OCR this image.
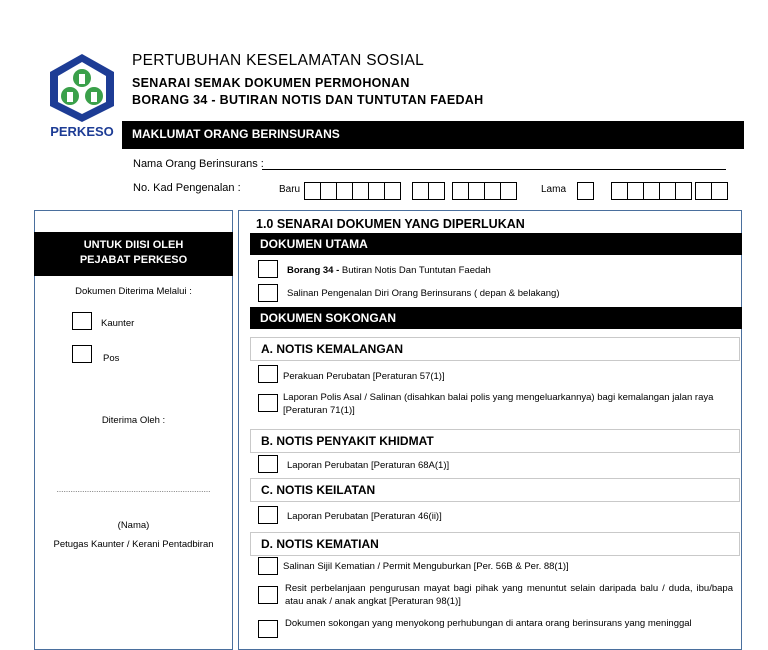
PERKESO
PERTUBUHAN KESELAMATAN SOSIAL
SENARAI SEMAK DOKUMEN PERMOHONAN
BORANG 34 - BUTIRAN NOTIS DAN TUNTUTAN FAEDAH
MAKLUMAT ORANG BERINSURANS
Nama Orang Berinsurans :
No. Kad Pengenalan :	Baru	Lama
UNTUK DIISI OLEH
PEJABAT PERKESO
Dokumen Diterima Melalui :
Kaunter
Pos
Diterima Oleh :
…………………………………………………………
(Nama)
Petugas Kaunter / Kerani Pentadbiran
1.0 SENARAI DOKUMEN YANG DIPERLUKAN
DOKUMEN UTAMA
Borang 34 - Butiran Notis Dan Tuntutan Faedah
Salinan Pengenalan Diri Orang Berinsurans ( depan & belakang)
DOKUMEN SOKONGAN
A. NOTIS KEMALANGAN
Perakuan Perubatan [Peraturan 57(1)]
Laporan Polis Asal / Salinan (disahkan balai polis yang mengeluarkannya) bagi kemalangan jalan raya [Peraturan 71(1)]
B. NOTIS PENYAKIT KHIDMAT
Laporan Perubatan [Peraturan 68A(1)]
C. NOTIS KEILATAN
Laporan Perubatan [Peraturan 46(ii)]
D. NOTIS KEMATIAN
Salinan Sijil Kematian / Permit Menguburkan [Per. 56B & Per. 88(1)]
Resit perbelanjaan pengurusan mayat bagi pihak yang menuntut selain daripada balu / duda, ibu/bapa atau anak / anak angkat [Peraturan 98(1)]
Dokumen sokongan yang menyokong perhubungan di antara orang berinsurans yang meninggal
